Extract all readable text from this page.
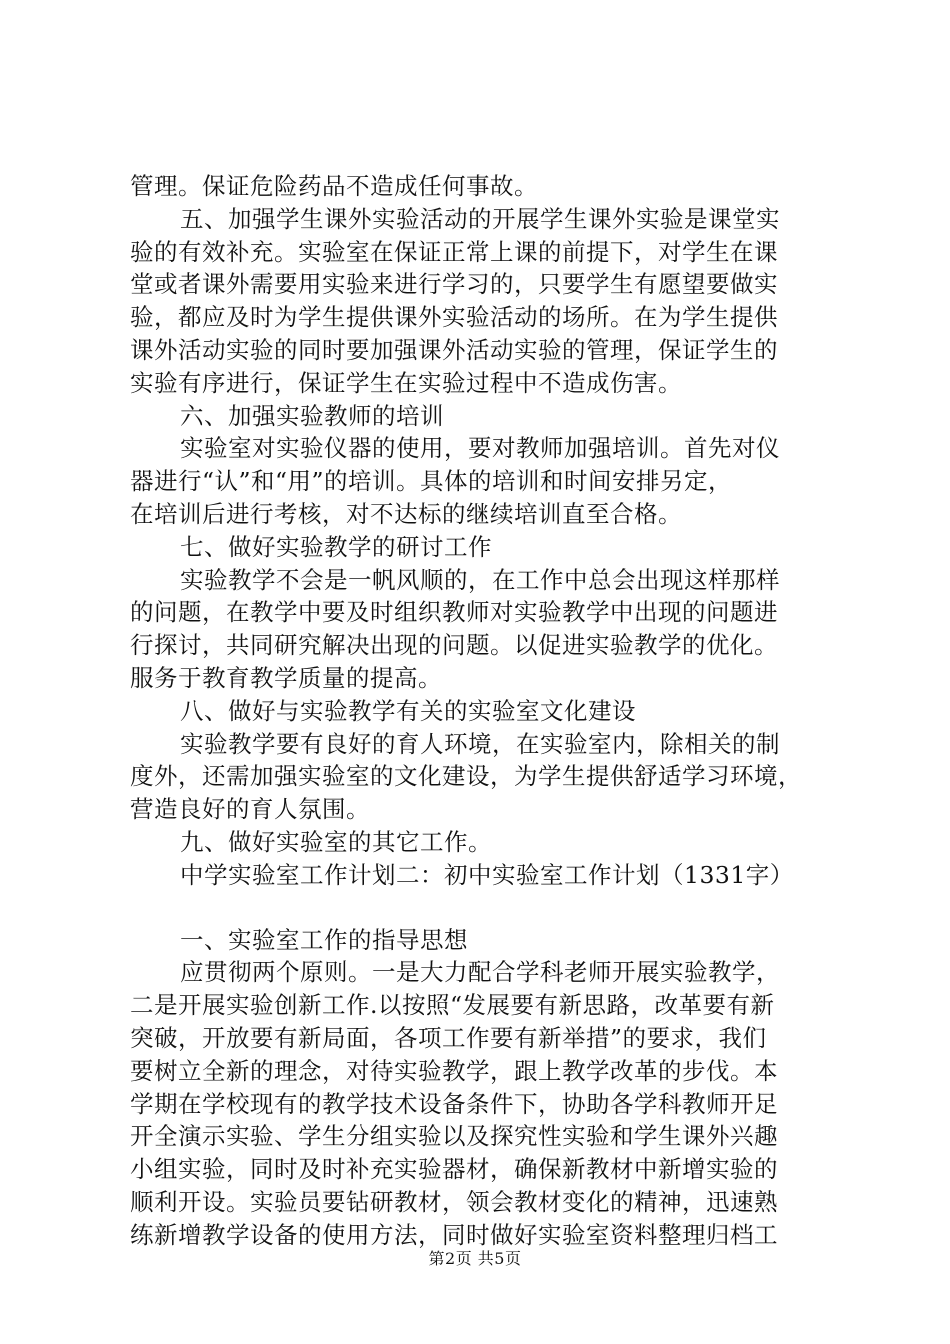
管理。保证危险药品不造成任何事故。
五、加强学生课外实验活动的开展学生课外实验是课堂实
验的有效补充。实验室在保证正常上课的前提下，对学生在课
堂或者课外需要用实验来进行学习的，只要学生有愿望要做实
验，都应及时为学生提供课外实验活动的场所。在为学生提供
课外活动实验的同时要加强课外活动实验的管理，保证学生的
实验有序进行，保证学生在实验过程中不造成伤害。
六、加强实验教师的培训
实验室对实验仪器的使用，要对教师加强培训。首先对仪
器进行“认”和“用”的培训。具体的培训和时间安排另定，
在培训后进行考核，对不达标的继续培训直至合格。
七、做好实验教学的研讨工作
实验教学不会是一帆风顺的，在工作中总会出现这样那样
的问题，在教学中要及时组织教师对实验教学中出现的问题进
行探讨，共同研究解决出现的问题。以促进实验教学的优化。
服务于教育教学质量的提高。
八、做好与实验教学有关的实验室文化建设
实验教学要有良好的育人环境，在实验室内，除相关的制
度外，还需加强实验室的文化建设，为学生提供舒适学习环境，
营造良好的育人氛围。
九、做好实验室的其它工作。
中学实验室工作计划二：初中实验室工作计划（1331字）
一、实验室工作的指导思想
应贯彻两个原则。一是大力配合学科老师开展实验教学，
二是开展实验创新工作.以按照“发展要有新思路，改革要有新
突破，开放要有新局面，各项工作要有新举措”的要求，我们
要树立全新的理念，对待实验教学，跟上教学改革的步伐。本
学期在学校现有的教学技术设备条件下，协助各学科教师开足
开全演示实验、学生分组实验以及探究性实验和学生课外兴趣
小组实验，同时及时补充实验器材，确保新教材中新增实验的
顺利开设。实验员要钻研教材，领会教材变化的精神，迅速熟
练新增教学设备的使用方法，同时做好实验室资料整理归档工
第2页 共5页
